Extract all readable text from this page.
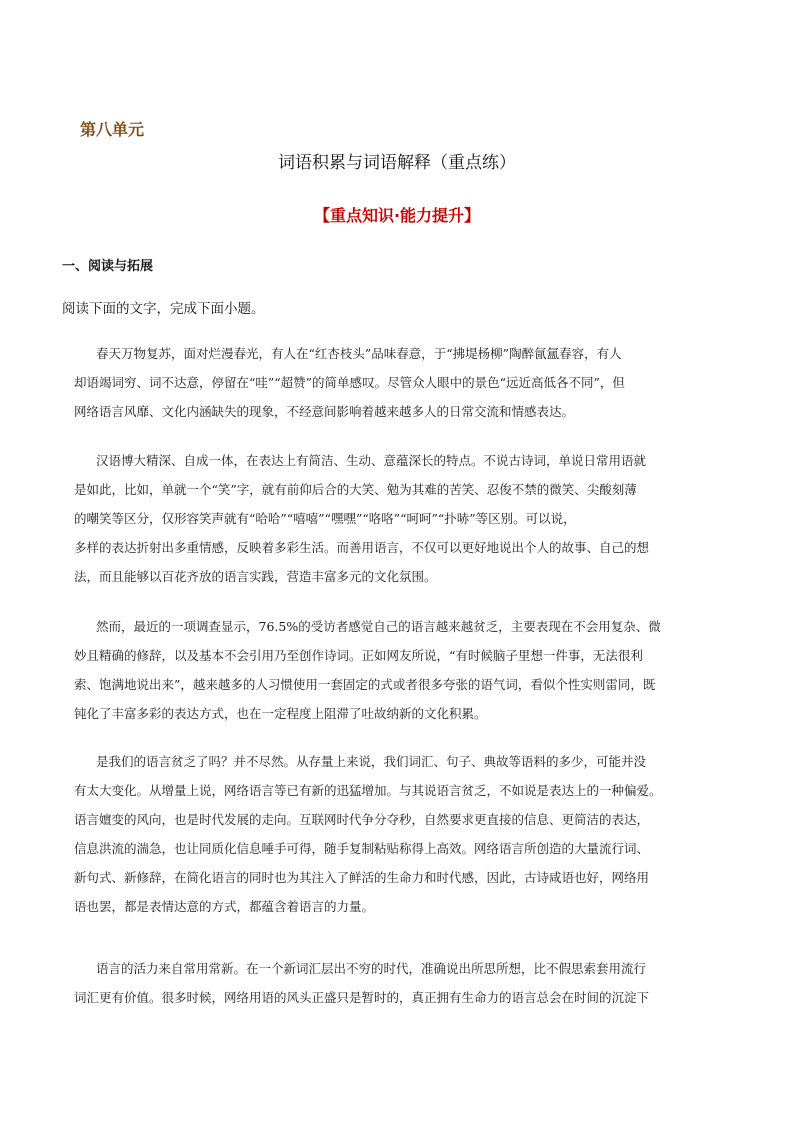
第八单元
词语积累与词语解释（重点练）
【重点知识·能力提升】
一、阅读与拓展
阅读下面的文字，完成下面小题。
春天万物复苏，面对烂漫春光，有人在“红杏枝头”品味春意，于“拂堤杨柳”陶醉氤氲春容，有人
却语竭词穷、词不达意，停留在“哇”“超赞”的简单感叹。尽管众人眼中的景色“远近高低各不同”，但
网络语言风靡、文化内涵缺失的现象，不经意间影响着越来越多人的日常交流和情感表达。
汉语博大精深、自成一体，在表达上有简洁、生动、意蕴深长的特点。不说古诗词，单说日常用语就
是如此，比如，单就一个“笑”字，就有前仰后合的大笑、勉为其难的苦笑、忍俊不禁的微笑、尖酸刻薄
的嘲笑等区分，仅形容笑声就有“哈哈”“嘻嘻”“嘿嘿”“咯咯”“呵呵”“扑哧”等区别。可以说，
多样的表达折射出多重情感，反映着多彩生活。而善用语言，不仅可以更好地说出个人的故事、自己的想
法，而且能够以百花齐放的语言实践，营造丰富多元的文化氛围。
然而，最近的一项调查显示，76.5%的受访者感觉自己的语言越来越贫乏，主要表现在不会用复杂、微
妙且精确的修辞，以及基本不会引用乃至创作诗词。正如网友所说，“有时候脑子里想一件事，无法很利
索、饱满地说出来”，越来越多的人习惯使用一套固定的式或者很多夸张的语气词，看似个性实则雷同，既
钝化了丰富多彩的表达方式，也在一定程度上阻滞了吐故纳新的文化积累。
是我们的语言贫乏了吗？并不尽然。从存量上来说，我们词汇、句子、典故等语料的多少，可能并没
有太大变化。从增量上说，网络语言等已有新的迅猛增加。与其说语言贫乏，不如说是表达上的一种偏爱。
语言嬗变的风向，也是时代发展的走向。互联网时代争分夺秒，自然要求更直接的信息、更简洁的表达，
信息洪流的湍急，也让同质化信息唾手可得，随手复制粘贴称得上高效。网络语言所创造的大量流行词、
新句式、新修辞，在简化语言的同时也为其注入了鲜活的生命力和时代感，因此，古诗咸语也好，网络用
语也罢，都是表情达意的方式，都蕴含着语言的力量。
语言的活力来自常用常新。在一个新词汇层出不穷的时代，准确说出所思所想，比不假思索套用流行
词汇更有价值。很多时候，网络用语的风头正盛只是暂时的，真正拥有生命力的语言总会在时间的沉淀下
